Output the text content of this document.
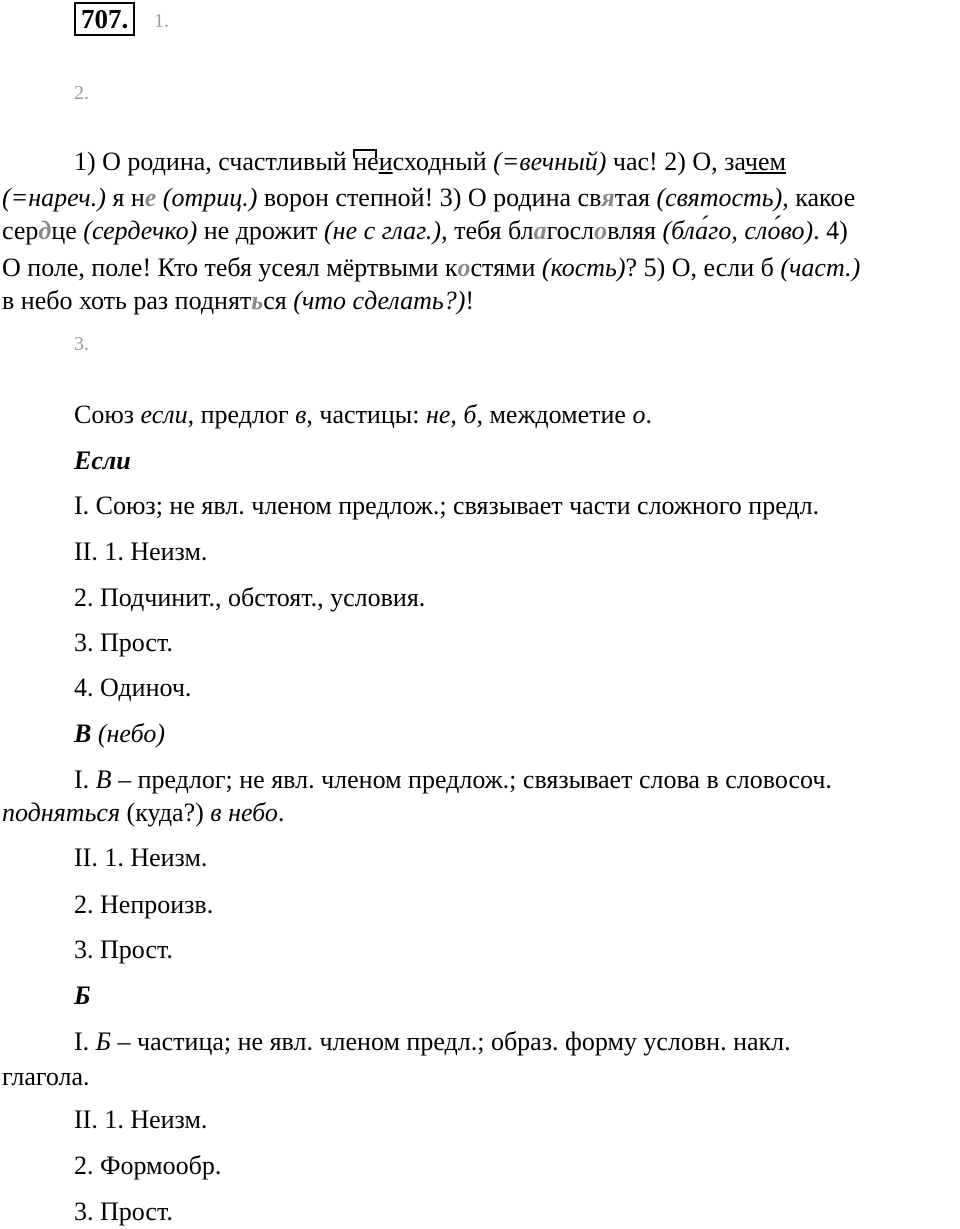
707.	1.
2.
1) О родина, счастливый неисходный (=вечный) час! 2) О, зачем
(=нареч.) я не (отриц.) ворон степной! 3) О родина святая (святость), какое
сердце (сердечко) не дрожит (не с глаг.), тебя благоcловляя (бла́го, сло́во). 4)
О поле, поле! Кто тебя усеял мёртвыми костями (кость)? 5) О, если б (част.)
в небо хоть раз подняться (что сделать?)!
3.
Союз если, предлог в, частицы: не, б, междометие о.
Если
I. Союз; не явл. членом предлож.; связывает части сложного предл.
II. 1. Неизм.
2. Подчинит., обстоят., условия.
3. Прост.
4. Одиноч.
В (небо)
I. В – предлог; не явл. членом предлож.; связывает слова в словосоч.
подняться (куда?) в небо.
II. 1. Неизм.
2. Непроизв.
3. Прост.
Б
I. Б – частица; не явл. членом предл.; образ. форму условн. накл.
глагола.
II. 1. Неизм.
2. Формообр.
3. Прост.
